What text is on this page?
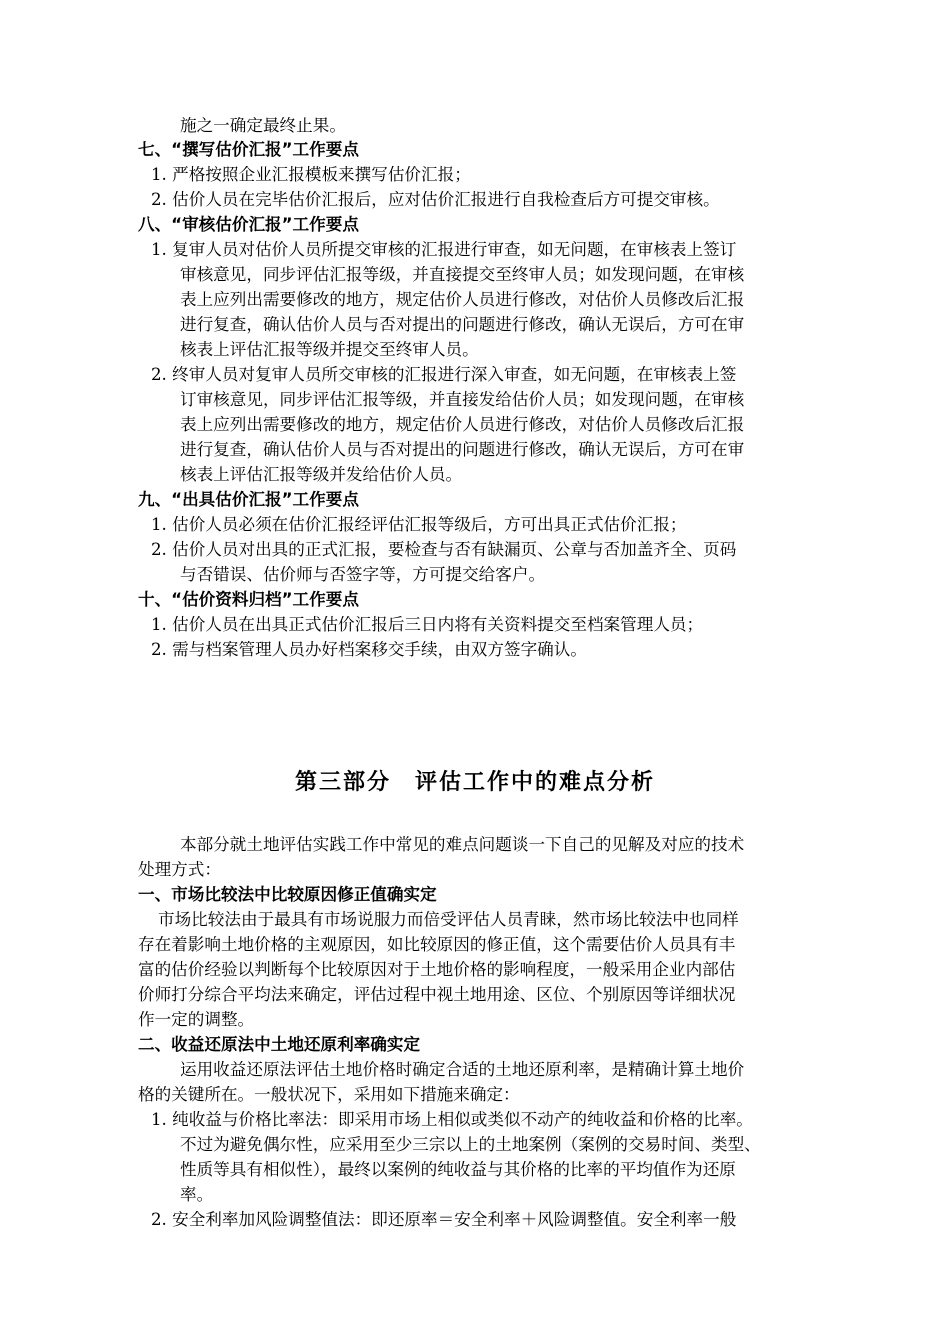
施之一确定最终止果。
七、“撰写估价汇报”工作要点
1. 严格按照企业汇报模板来撰写估价汇报；
2. 估价人员在完毕估价汇报后，应对估价汇报进行自我检查后方可提交审核。
八、“审核估价汇报”工作要点
1. 复审人员对估价人员所提交审核的汇报进行审查，如无问题，在审核表上签订
审核意见，同步评估汇报等级，并直接提交至终审人员；如发现问题，在审核
表上应列出需要修改的地方，规定估价人员进行修改，对估价人员修改后汇报
进行复查，确认估价人员与否对提出的问题进行修改，确认无误后，方可在审
核表上评估汇报等级并提交至终审人员。
2. 终审人员对复审人员所交审核的汇报进行深入审查，如无问题，在审核表上签
订审核意见，同步评估汇报等级，并直接发给估价人员；如发现问题，在审核
表上应列出需要修改的地方，规定估价人员进行修改，对估价人员修改后汇报
进行复查，确认估价人员与否对提出的问题进行修改，确认无误后，方可在审
核表上评估汇报等级并发给估价人员。
九、“出具估价汇报”工作要点
1. 估价人员必须在估价汇报经评估汇报等级后，方可出具正式估价汇报；
2. 估价人员对出具的正式汇报，要检查与否有缺漏页、公章与否加盖齐全、页码
与否错误、估价师与否签字等，方可提交给客户。
十、“估价资料归档”工作要点
1. 估价人员在出具正式估价汇报后三日内将有关资料提交至档案管理人员；
2. 需与档案管理人员办好档案移交手续，由双方签字确认。
第三部分　评估工作中的难点分析
本部分就土地评估实践工作中常见的难点问题谈一下自己的见解及对应的技术
处理方式：
一、市场比较法中比较原因修正值确实定
市场比较法由于最具有市场说服力而倍受评估人员青睐，然市场比较法中也同样
存在着影响土地价格的主观原因，如比较原因的修正值，这个需要估价人员具有丰
富的估价经验以判断每个比较原因对于土地价格的影响程度，一般采用企业内部估
价师打分综合平均法来确定，评估过程中视土地用途、区位、个别原因等详细状况
作一定的调整。
二、收益还原法中土地还原利率确实定
运用收益还原法评估土地价格时确定合适的土地还原利率，是精确计算土地价
格的关键所在。一般状况下，采用如下措施来确定：
1. 纯收益与价格比率法：即采用市场上相似或类似不动产的纯收益和价格的比率。
不过为避免偶尔性，应采用至少三宗以上的土地案例（案例的交易时间、类型、
性质等具有相似性），最终以案例的纯收益与其价格的比率的平均值作为还原
率。
2. 安全利率加风险调整值法：即还原率＝安全利率＋风险调整值。安全利率一般
